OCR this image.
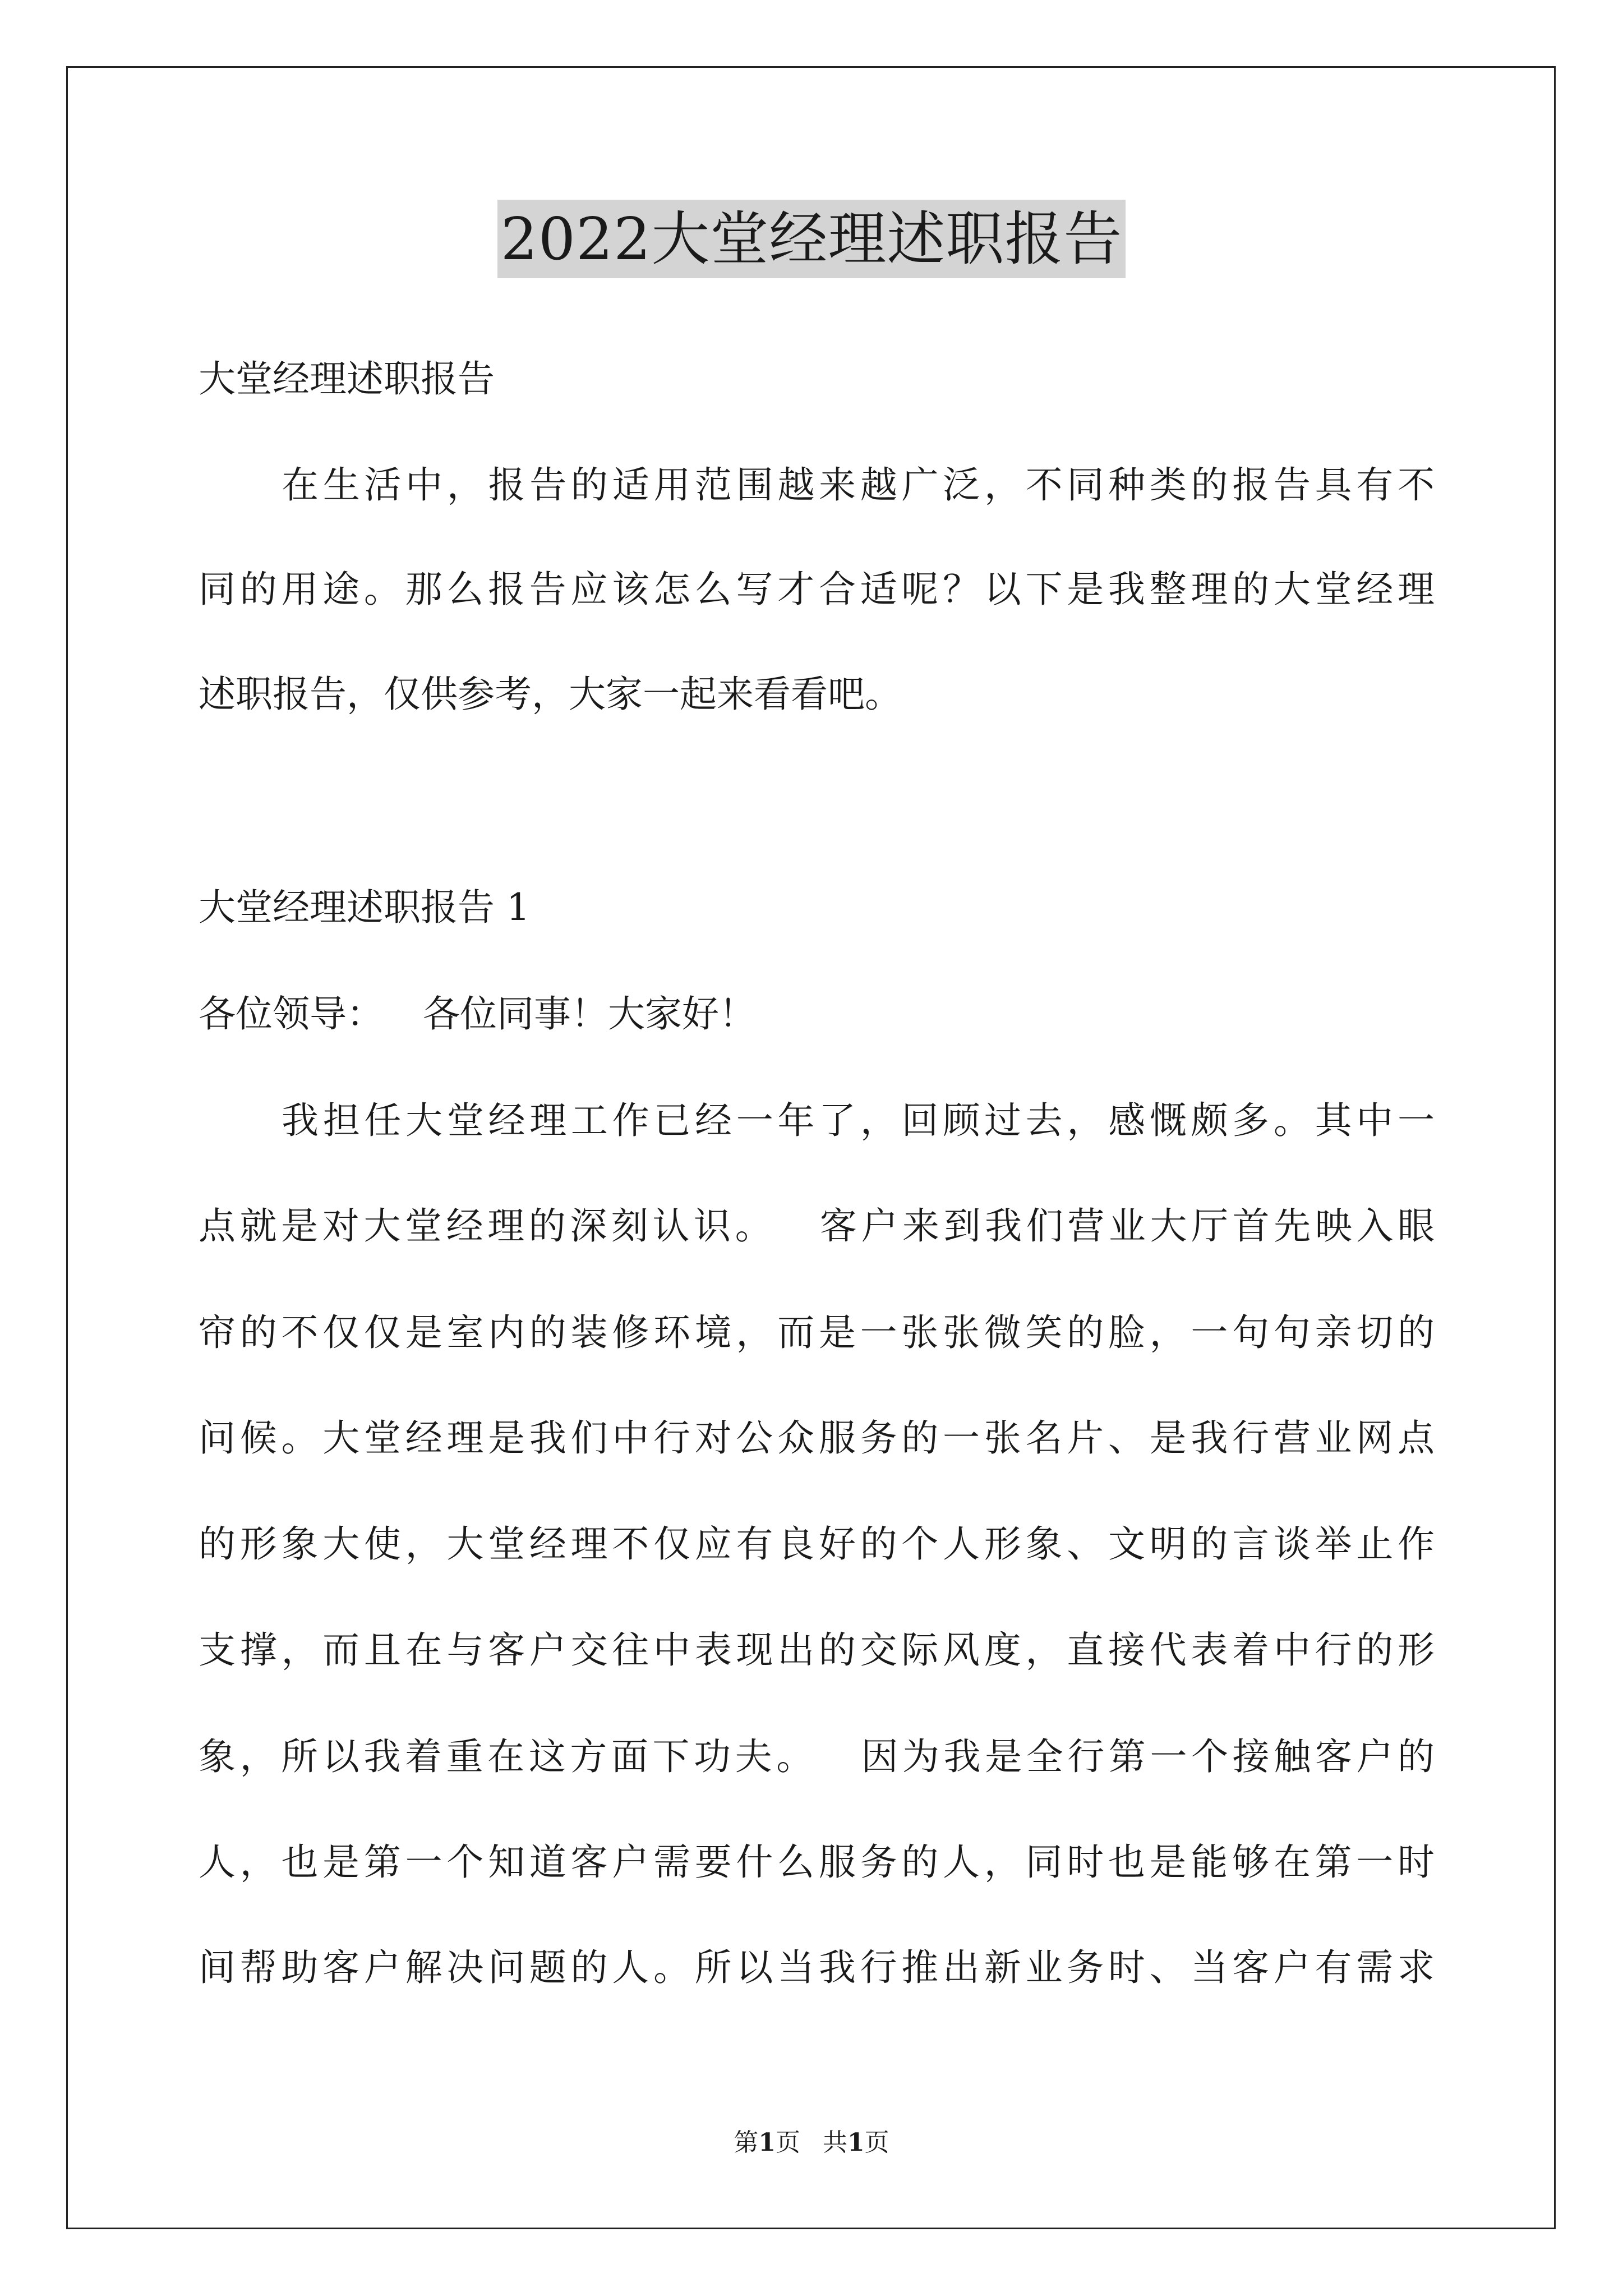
2022大堂经理述职报告
大堂经理述职报告
在生活中，报告的适用范围越来越广泛，不同种类的报告具有不
同的用途。那么报告应该怎么写才合适呢？以下是我整理的大堂经理
述职报告，仅供参考，大家一起来看看吧。
大堂经理述职报告 1
各位领导： 各位同事！大家好！
我担任大堂经理工作已经一年了，回顾过去，感慨颇多。其中一
点就是对大堂经理的深刻认识。 客户来到我们营业大厅首先映入眼
帘的不仅仅是室内的装修环境，而是一张张微笑的脸，一句句亲切的
问候。大堂经理是我们中行对公众服务的一张名片、是我行营业网点
的形象大使，大堂经理不仅应有良好的个人形象、文明的言谈举止作
支撑，而且在与客户交往中表现出的交际风度，直接代表着中行的形
象，所以我着重在这方面下功夫。 因为我是全行第一个接触客户的
人，也是第一个知道客户需要什么服务的人，同时也是能够在第一时
间帮助客户解决问题的人。所以当我行推出新业务时、当客户有需求
第1页 共1页
